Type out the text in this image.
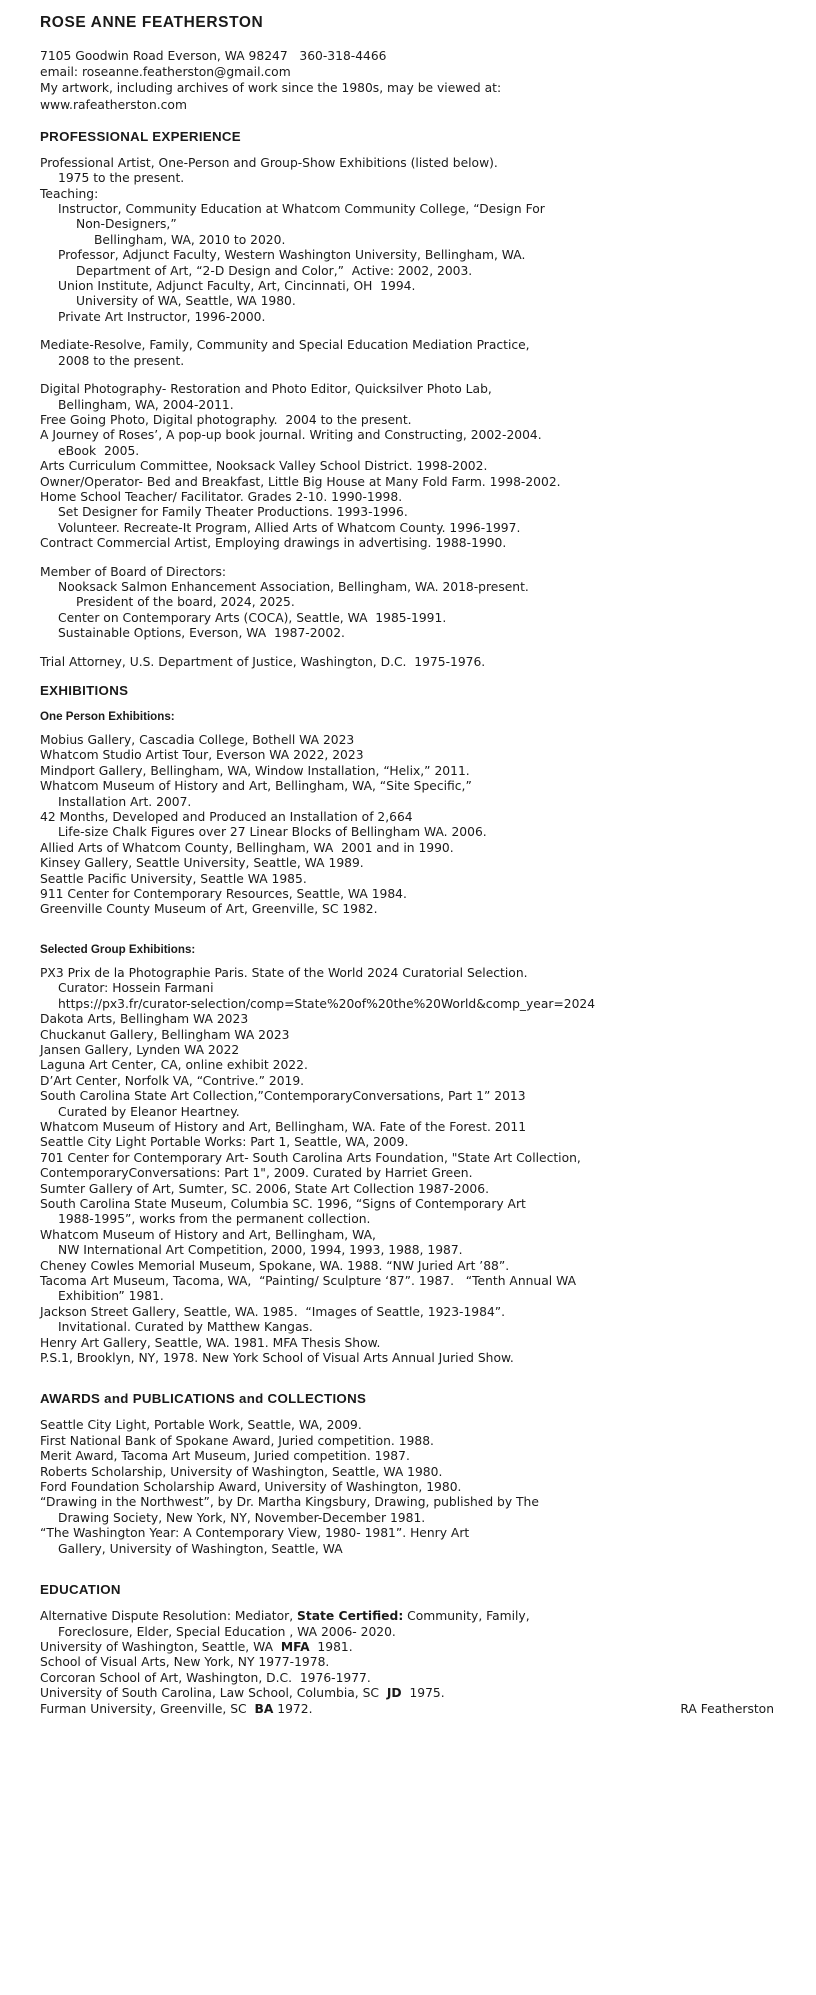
ROSE ANNE FEATHERSTON
7105 Goodwin Road Everson, WA 98247   360-318-4466
email: roseanne.featherston@gmail.com
My artwork, including archives of work since the 1980s, may be viewed at:
www.rafeatherston.com
PROFESSIONAL EXPERIENCE
Professional Artist, One-Person and Group-Show Exhibitions (listed below).
1975 to the present.
Teaching:
Instructor, Community Education at Whatcom Community College, “Design For
Non-Designers,”
Bellingham, WA, 2010 to 2020.
Professor, Adjunct Faculty, Western Washington University, Bellingham, WA.
Department of Art, “2-D Design and Color,”  Active: 2002, 2003.
Union Institute, Adjunct Faculty, Art, Cincinnati, OH  1994.
University of WA, Seattle, WA 1980.
Private Art Instructor, 1996-2000.
Mediate-Resolve, Family, Community and Special Education Mediation Practice,
2008 to the present.
Digital Photography- Restoration and Photo Editor, Quicksilver Photo Lab,
Bellingham, WA, 2004-2011.
Free Going Photo, Digital photography.  2004 to the present.
A Journey of Roses’, A pop-up book journal. Writing and Constructing, 2002-2004.
eBook  2005.
Arts Curriculum Committee, Nooksack Valley School District. 1998-2002.
Owner/Operator- Bed and Breakfast, Little Big House at Many Fold Farm. 1998-2002.
Home School Teacher/ Facilitator. Grades 2-10. 1990-1998.
Set Designer for Family Theater Productions. 1993-1996.
Volunteer. Recreate-It Program, Allied Arts of Whatcom County. 1996-1997.
Contract Commercial Artist, Employing drawings in advertising. 1988-1990.
Member of Board of Directors:
Nooksack Salmon Enhancement Association, Bellingham, WA. 2018-present.
President of the board, 2024, 2025.
Center on Contemporary Arts (COCA), Seattle, WA  1985-1991.
Sustainable Options, Everson, WA  1987-2002.
Trial Attorney, U.S. Department of Justice, Washington, D.C.  1975-1976.
EXHIBITIONS
One Person Exhibitions:
Mobius Gallery, Cascadia College, Bothell WA 2023
Whatcom Studio Artist Tour, Everson WA 2022, 2023
Mindport Gallery, Bellingham, WA, Window Installation, “Helix,” 2011.
Whatcom Museum of History and Art, Bellingham, WA, “Site Specific,”
Installation Art. 2007.
42 Months, Developed and Produced an Installation of 2,664
Life-size Chalk Figures over 27 Linear Blocks of Bellingham WA. 2006.
Allied Arts of Whatcom County, Bellingham, WA  2001 and in 1990.
Kinsey Gallery, Seattle University, Seattle, WA 1989.
Seattle Pacific University, Seattle WA 1985.
911 Center for Contemporary Resources, Seattle, WA 1984.
Greenville County Museum of Art, Greenville, SC 1982.
Selected Group Exhibitions:
PX3 Prix de la Photographie Paris. State of the World 2024 Curatorial Selection.
Curator: Hossein Farmani
https://px3.fr/curator-selection/comp=State%20of%20the%20World&comp_year=2024
Dakota Arts, Bellingham WA 2023
Chuckanut Gallery, Bellingham WA 2023
Jansen Gallery, Lynden WA 2022
Laguna Art Center, CA, online exhibit 2022.
D’Art Center, Norfolk VA, “Contrive.” 2019.
South Carolina State Art Collection,”ContemporaryConversations, Part 1” 2013
Curated by Eleanor Heartney.
Whatcom Museum of History and Art, Bellingham, WA. Fate of the Forest. 2011
Seattle City Light Portable Works: Part 1, Seattle, WA, 2009.
701 Center for Contemporary Art- South Carolina Arts Foundation, "State Art Collection,
ContemporaryConversations: Part 1", 2009. Curated by Harriet Green.
Sumter Gallery of Art, Sumter, SC. 2006, State Art Collection 1987-2006.
South Carolina State Museum, Columbia SC. 1996, “Signs of Contemporary Art
1988-1995”, works from the permanent collection.
Whatcom Museum of History and Art, Bellingham, WA,
NW International Art Competition, 2000, 1994, 1993, 1988, 1987.
Cheney Cowles Memorial Museum, Spokane, WA. 1988. “NW Juried Art ’88”.
Tacoma Art Museum, Tacoma, WA,  “Painting/ Sculpture ‘87”. 1987.   “Tenth Annual WA
Exhibition” 1981.
Jackson Street Gallery, Seattle, WA. 1985.  “Images of Seattle, 1923-1984”.
Invitational. Curated by Matthew Kangas.
Henry Art Gallery, Seattle, WA. 1981. MFA Thesis Show.
P.S.1, Brooklyn, NY, 1978. New York School of Visual Arts Annual Juried Show.
AWARDS and PUBLICATIONS and COLLECTIONS
Seattle City Light, Portable Work, Seattle, WA, 2009.
First National Bank of Spokane Award, Juried competition. 1988.
Merit Award, Tacoma Art Museum, Juried competition. 1987.
Roberts Scholarship, University of Washington, Seattle, WA 1980.
Ford Foundation Scholarship Award, University of Washington, 1980.
“Drawing in the Northwest”, by Dr. Martha Kingsbury, Drawing, published by The
Drawing Society, New York, NY, November-December 1981.
“The Washington Year: A Contemporary View, 1980- 1981”. Henry Art
Gallery, University of Washington, Seattle, WA
EDUCATION
Alternative Dispute Resolution: Mediator, State Certified: Community, Family,
Foreclosure, Elder, Special Education , WA 2006- 2020.
University of Washington, Seattle, WA  MFA  1981.
School of Visual Arts, New York, NY 1977-1978.
Corcoran School of Art, Washington, D.C.  1976-1977.
University of South Carolina, Law School, Columbia, SC  JD  1975.
Furman University, Greenville, SC  BA 1972.	RA Featherston
